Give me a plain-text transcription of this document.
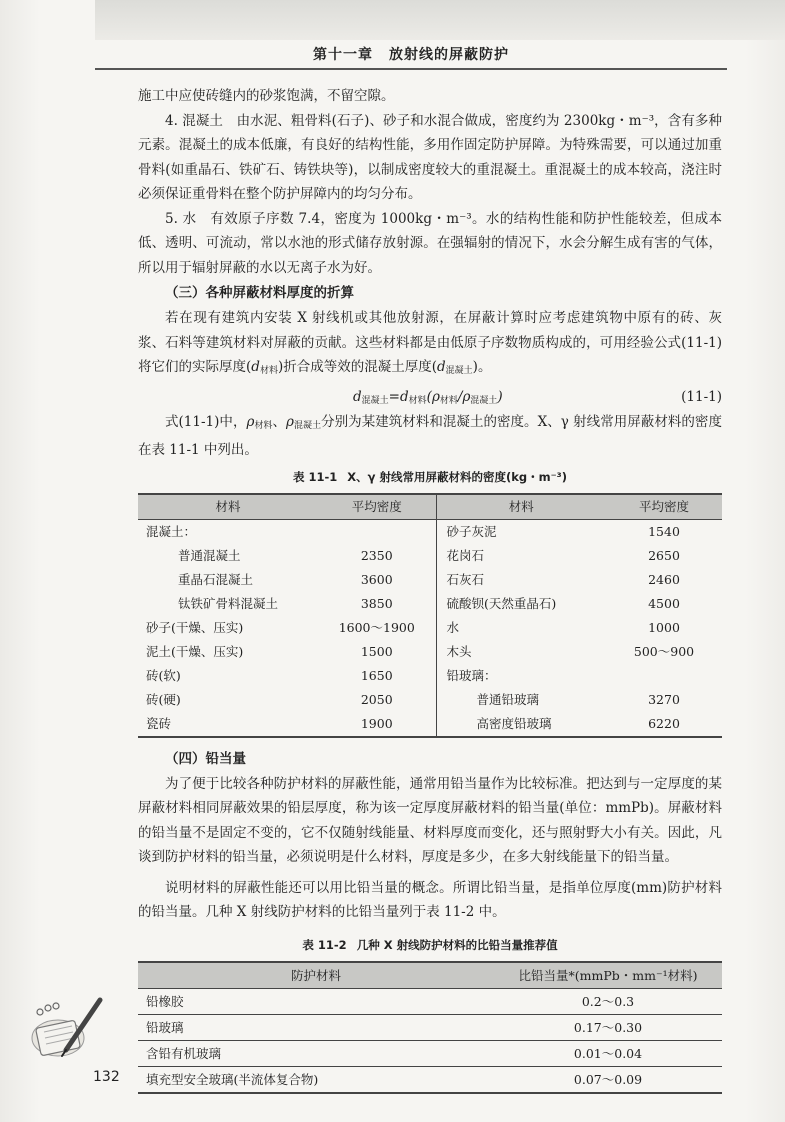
第十一章 放射线的屏蔽防护

施工中应使砖缝内的砂浆饱满，不留空隙。

4. 混凝土　由水泥、粗骨料(石子)、砂子和水混合做成，密度约为 2300kg・m⁻³，含有多种元素。混凝土的成本低廉，有良好的结构性能，多用作固定防护屏障。为特殊需要，可以通过加重骨料(如重晶石、铁矿石、铸铁块等)，以制成密度较大的重混凝土。重混凝土的成本较高，浇注时必须保证重骨料在整个防护屏障内的均匀分布。

5. 水　有效原子序数 7.4，密度为 1000kg・m⁻³。水的结构性能和防护性能较差，但成本低、透明、可流动，常以水池的形式储存放射源。在强辐射的情况下，水会分解生成有害的气体，所以用于辐射屏蔽的水以无离子水为好。

（三）各种屏蔽材料厚度的折算

若在现有建筑内安装 X 射线机或其他放射源，在屏蔽计算时应考虑建筑物中原有的砖、灰浆、石料等建筑材料对屏蔽的贡献。这些材料都是由低原子序数物质构成的，可用经验公式(11-1)将它们的实际厚度$(d_{材料})$折合成等效的混凝土厚度$(d_{混凝土})$。

$d_{混凝土}=d_{材料}(\rho_{材料}/\rho_{混凝土})$	(11-1)

式(11-1)中，$\rho_{材料}$、$\rho_{混凝土}$分别为某建筑材料和混凝土的密度。X、γ 射线常用屏蔽材料的密度在表 11-1 中列出。

表 11-1 X、γ 射线常用屏蔽材料的密度(kg・m⁻³)
材料	平均密度	材料	平均密度
混凝土：		砂子灰泥	1540
普通混凝土	2350	花岗石	2650
重晶石混凝土	3600	石灰石	2460
钛铁矿骨料混凝土	3850	硫酸钡(天然重晶石)	4500
砂子(干燥、压实)	1600～1900	水	1000
泥土(干燥、压实)	1500	木头	500～900
砖(软)	1650	铅玻璃：	
砖(硬)	2050	普通铅玻璃	3270
瓷砖	1900	高密度铅玻璃	6220
（四）铅当量

为了便于比较各种防护材料的屏蔽性能，通常用铅当量作为比较标准。把达到与一定厚度的某屏蔽材料相同屏蔽效果的铅层厚度，称为该一定厚度屏蔽材料的铅当量(单位：mmPb)。屏蔽材料的铅当量不是固定不变的，它不仅随射线能量、材料厚度而变化，还与照射野大小有关。因此，凡谈到防护材料的铅当量，必须说明是什么材料，厚度是多少，在多大射线能量下的铅当量。

说明材料的屏蔽性能还可以用比铅当量的概念。所谓比铅当量，是指单位厚度(mm)防护材料的铅当量。几种 X 射线防护材料的比铅当量列于表 11-2 中。

表 11-2 几种 X 射线防护材料的比铅当量推荐值
防护材料	比铅当量*(mmPb・mm⁻¹材料)
铅橡胶	0.2～0.3
铅玻璃	0.17～0.30
含铅有机玻璃	0.01～0.04
填充型安全玻璃(半流体复合物)	0.07～0.09
132
